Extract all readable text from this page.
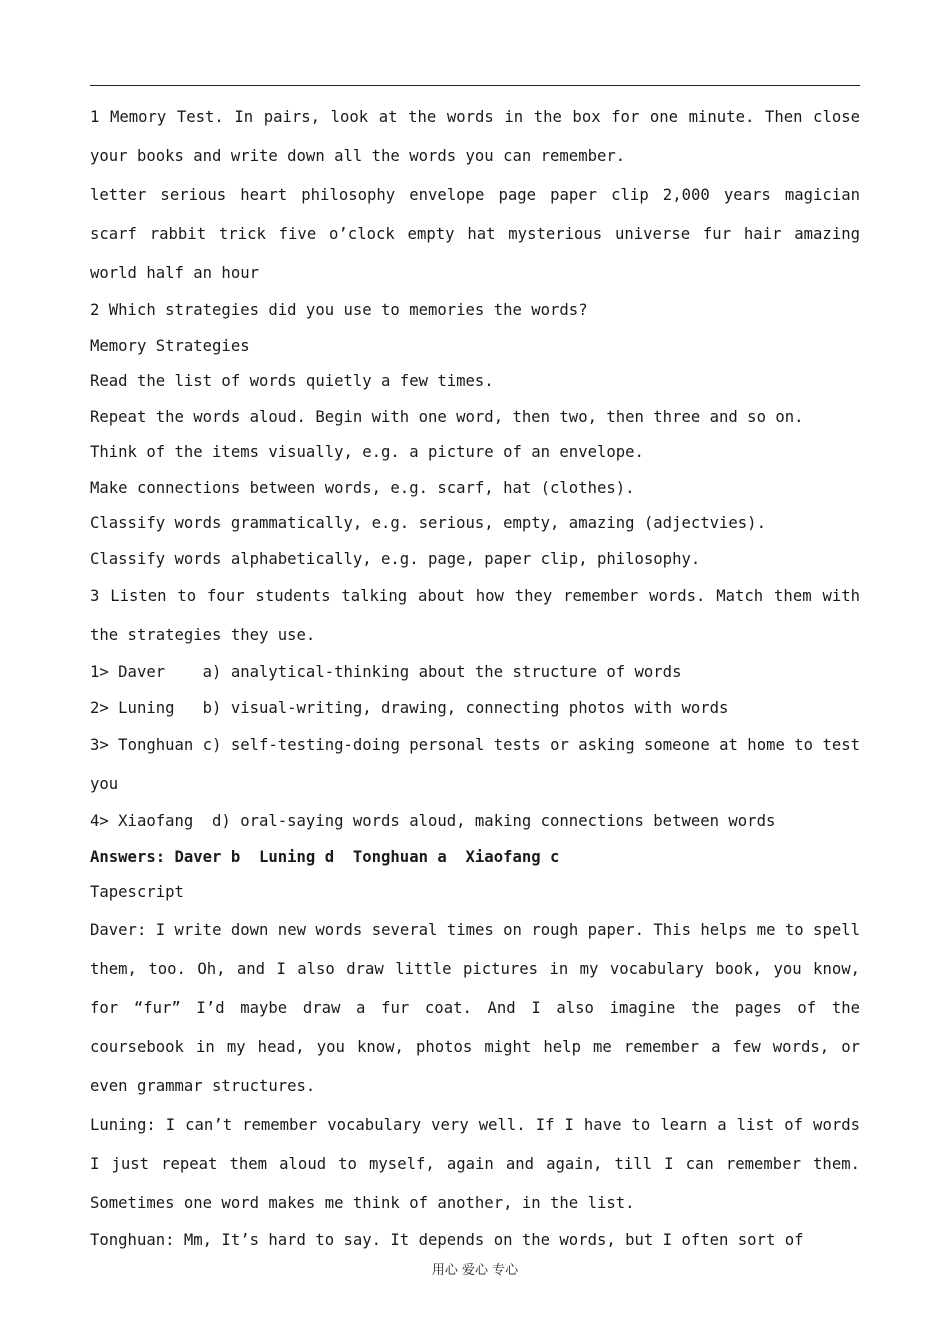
1 Memory Test. In pairs, look at the words in the box for one minute. Then close your books and write down all the words you can remember.

letter serious heart philosophy envelope page paper clip 2,000 years magician scarf rabbit trick five o’clock empty hat mysterious universe fur hair amazing world half an hour

2 Which strategies did you use to memories the words?

Memory Strategies

Read the list of words quietly a few times.

Repeat the words aloud. Begin with one word, then two, then three and so on.

Think of the items visually, e.g. a picture of an envelope.

Make connections between words, e.g. scarf, hat (clothes).

Classify words grammatically, e.g. serious, empty, amazing (adjectvies).

Classify words alphabetically, e.g. page, paper clip, philosophy.

3 Listen to four students talking about how they remember words. Match them with the strategies they use.

1> Daver    a) analytical-thinking about the structure of words

2> Luning   b) visual-writing, drawing, connecting photos with words

3> Tonghuan c) self-testing-doing personal tests or asking someone at home to test you

4> Xiaofang  d) oral-saying words aloud, making connections between words

Answers: Daver b  Luning d  Tonghuan a  Xiaofang c

Tapescript

Daver: I write down new words several times on rough paper. This helps me to spell them, too. Oh, and I also draw little pictures in my vocabulary book, you know, for “fur” I’d maybe draw a fur coat. And I also imagine the pages of the coursebook in my head, you know, photos might help me remember a few words, or even grammar structures.

Luning: I can’t remember vocabulary very well. If I have to learn a list of words I just repeat them aloud to myself, again and again, till I can remember them. Sometimes one word makes me think of another, in the list.

Tonghuan: Mm, It’s hard to say. It depends on the words, but I often sort of

用心 爱心 专心
